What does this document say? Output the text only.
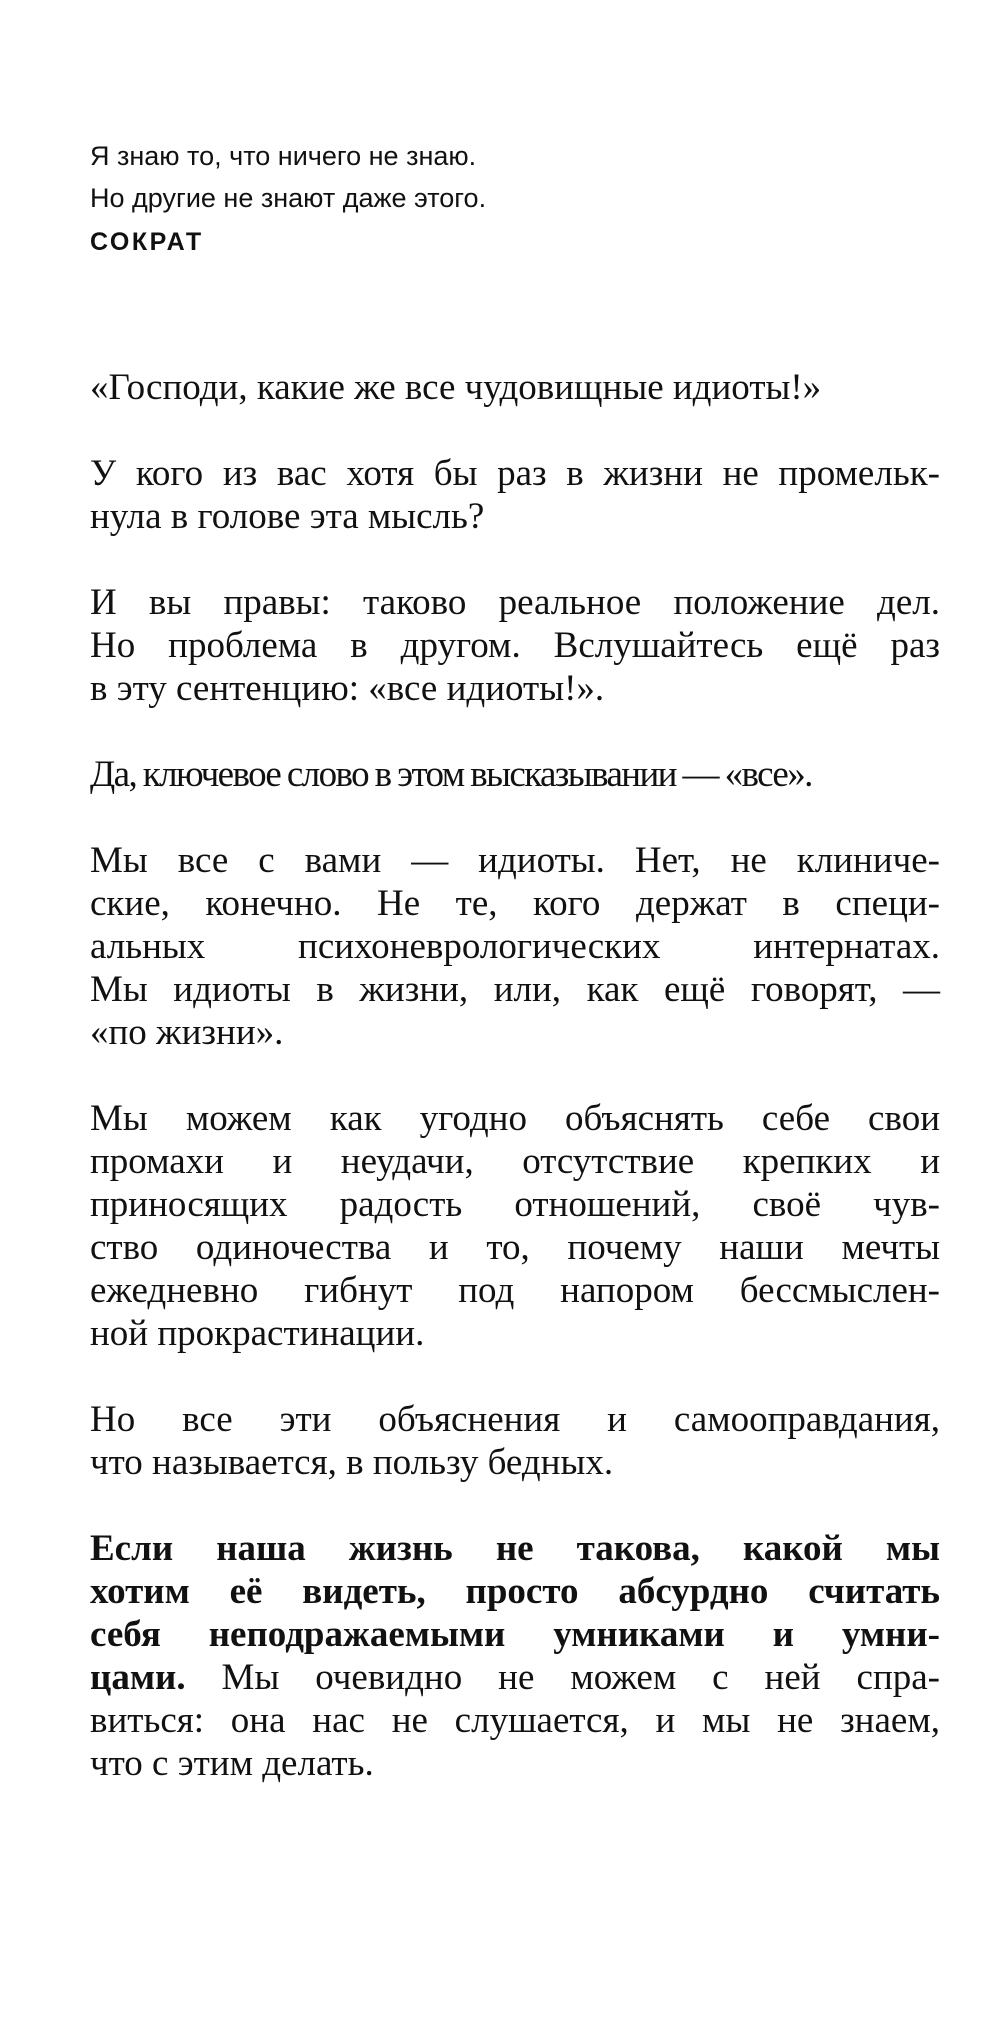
Я знаю то, что ничего не знаю.
Но другие не знают даже этого.
СОКРАТ

«Господи, какие же все чудовищные идиоты!»

У кого из вас хотя бы раз в жизни не промельк-
нула в голове эта мысль?

И вы правы: таково реальное положение дел.
Но проблема в другом. Вслушайтесь ещё раз
в эту сентенцию: «все идиоты!».

Да, ключевое слово в этом высказывании — «все».

Мы все с вами — идиоты. Нет, не клиниче-
ские, конечно. Не те, кого держат в специ-
альных психоневрологических интернатах.
Мы идиоты в жизни, или, как ещё говорят, —
«по жизни».

Мы можем как угодно объяснять себе свои
промахи и неудачи, отсутствие крепких и
приносящих радость отношений, своё чув-
ство одиночества и то, почему наши мечты
ежедневно гибнут под напором бессмыслен-
ной прокрастинации.

Но все эти объяснения и самооправдания,
что называется, в пользу бедных.

Если наша жизнь не такова, какой мы
хотим её видеть, просто абсурдно считать
себя неподражаемыми умниками и умни-
цами. Мы очевидно не можем с ней спра-
виться: она нас не слушается, и мы не знаем,
что с этим делать.
